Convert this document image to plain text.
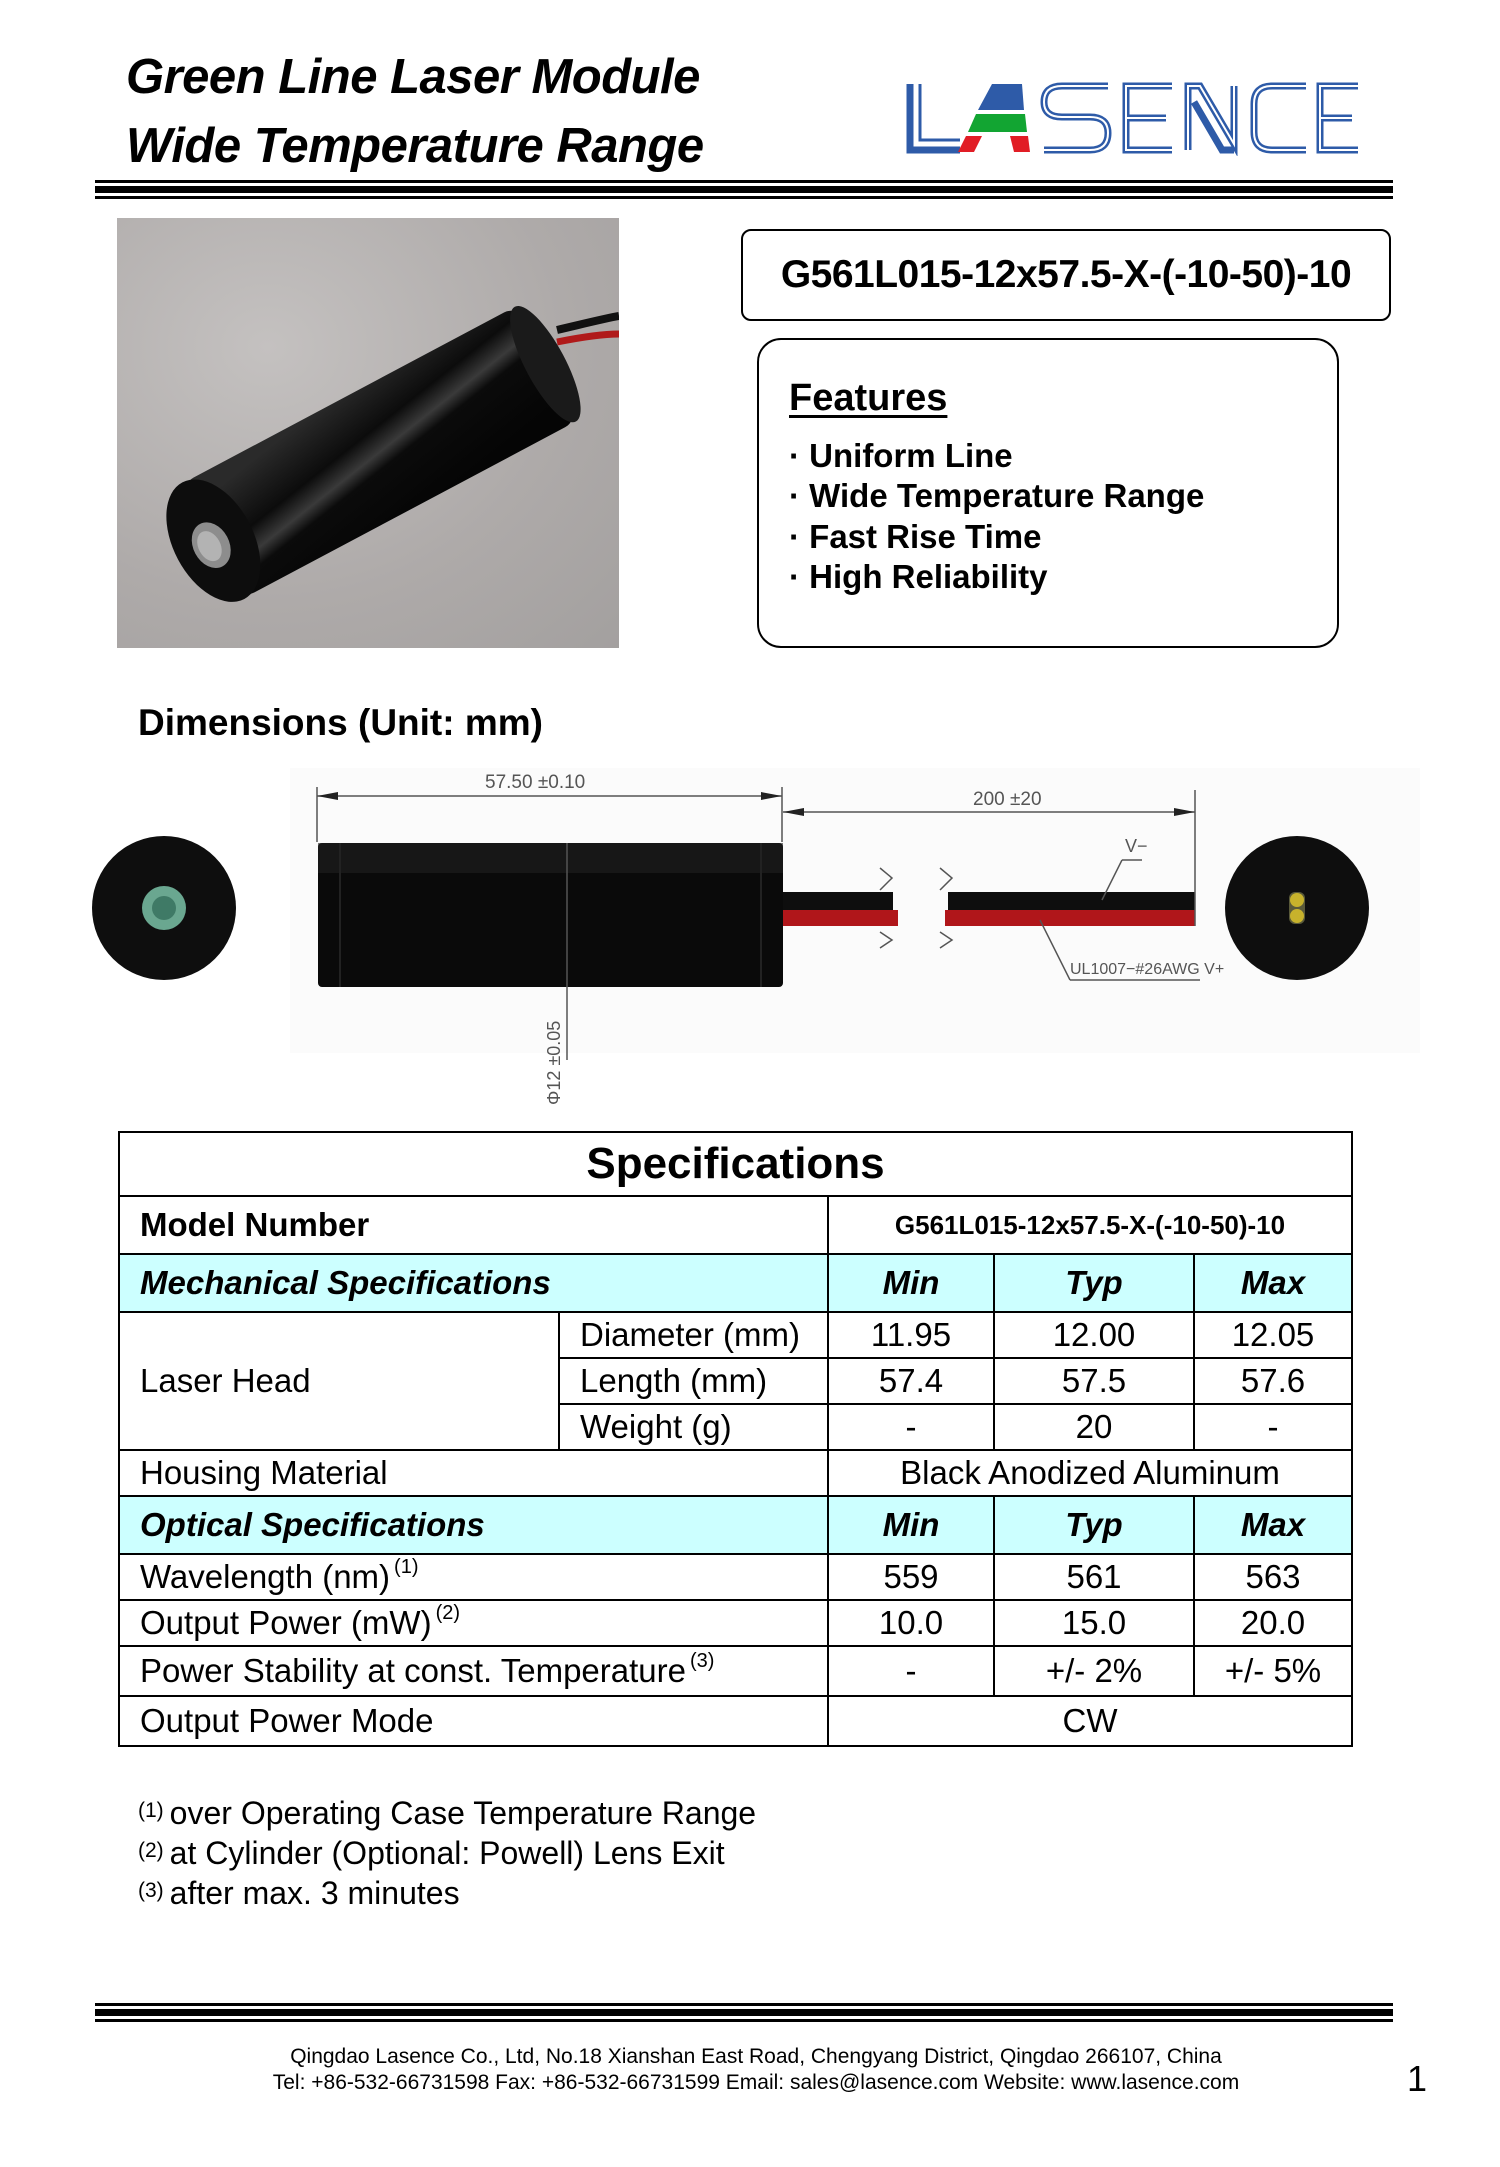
Green Line Laser Module
Wide Temperature Range
G561L015-12x57.5-X-(-10-50)-10
Features
· Uniform Line
· Wide Temperature Range
· Fast Rise Time
· High Reliability
Dimensions (Unit: mm)
57.50 ±0.10
Φ12 ±0.05
200 ±20
V−
UL1007−#26AWG V+
Specifications				
Model Number		G561L015-12x57.5-X-(-10-50)-10		
Mechanical Specifications		Min	Typ	Max
Laser Head	Diameter (mm)	11.95	12.00	12.05
	Length (mm)	57.4	57.5	57.6
	Weight (g)	-	20	-
Housing Material		Black Anodized Aluminum		
Optical Specifications		Min	Typ	Max
Wavelength (nm) $^{(1)}$		559	561	563
Output Power (mW) $^{(2)}$		10.0	15.0	20.0
Power Stability at const. Temperature $^{(3)}$		-	+/- 2%	+/- 5%
Output Power Mode		CW		
$^{(1)}$ over Operating Case Temperature Range
$^{(2)}$ at Cylinder (Optional: Powell) Lens Exit
$^{(3)}$ after max. 3 minutes
Qingdao Lasence Co., Ltd, No.18 Xianshan East Road, Chengyang District, Qingdao 266107, China
Tel: +86-532-66731598 Fax: +86-532-66731599 Email: sales@lasence.com Website: www.lasence.com	1
